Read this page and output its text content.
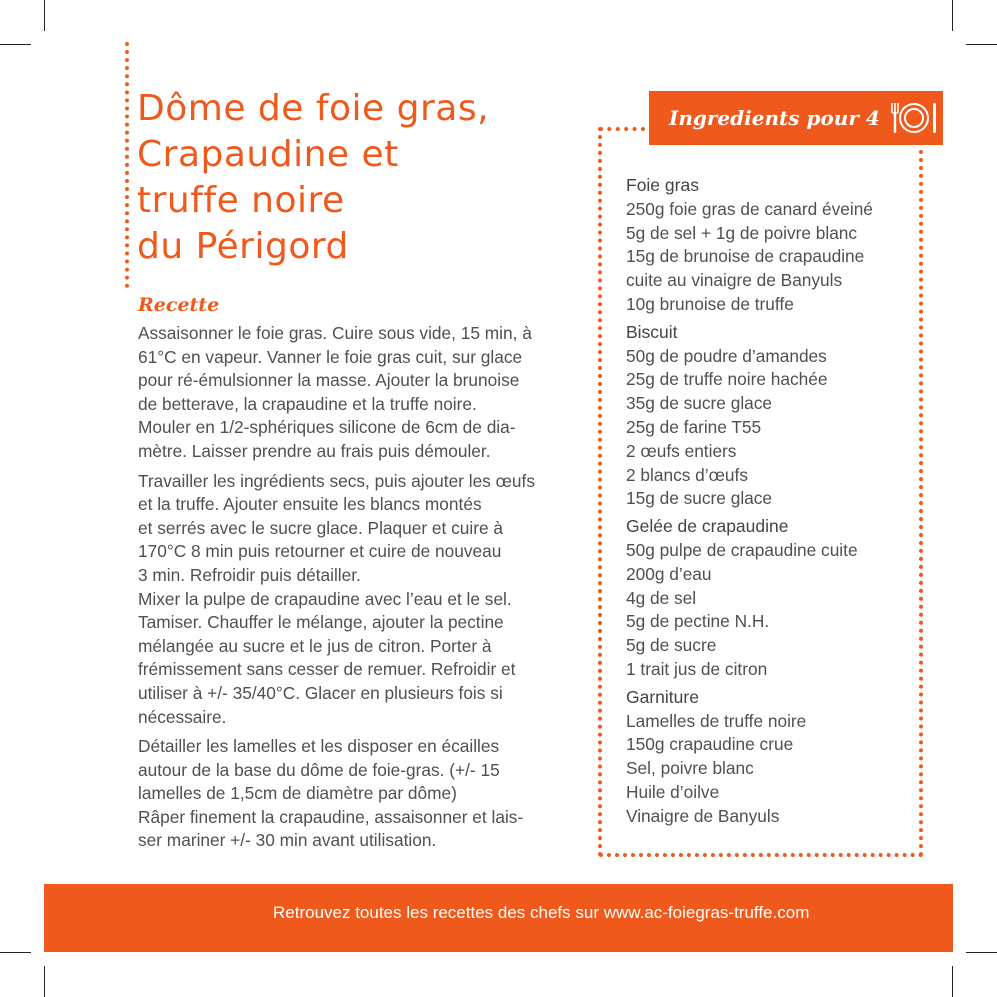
Dôme de foie gras,
Crapaudine et
truffe noire
du Périgord
Recette

Assaisonner le foie gras. Cuire sous vide, 15 min, à
61°C en vapeur. Vanner le foie gras cuit, sur glace
pour ré-émulsionner la masse. Ajouter la brunoise
de betterave, la crapaudine et la truffe noire.
Mouler en 1/2-sphériques silicone de 6cm de dia-
mètre. Laisser prendre au frais puis démouler.

Travailler les ingrédients secs, puis ajouter les œufs
et la truffe. Ajouter ensuite les blancs montés
et serrés avec le sucre glace. Plaquer et cuire à
170°C 8 min puis retourner et cuire de nouveau
3 min. Refroidir puis détailler.
Mixer la pulpe de crapaudine avec l’eau et le sel.
Tamiser. Chauffer le mélange, ajouter la pectine
mélangée au sucre et le jus de citron. Porter à
frémissement sans cesser de remuer. Refroidir et
utiliser à +/- 35/40°C. Glacer en plusieurs fois si
nécessaire.

Détailler les lamelles et les disposer en écailles
autour de la base du dôme de foie-gras. (+/- 15
lamelles de 1,5cm de diamètre par dôme)
Râper finement la crapaudine, assaisonner et lais-
ser mariner +/- 30 min avant utilisation.

Ingredients pour 4
Foie gras
250g foie gras de canard éveiné
5g de sel + 1g de poivre blanc
15g de brunoise de crapaudine
cuite au vinaigre de Banyuls
10g brunoise de truffe
Biscuit
50g de poudre d’amandes
25g de truffe noire hachée
35g de sucre glace
25g de farine T55
2 œufs entiers
2 blancs d’œufs
15g de sucre glace
Gelée de crapaudine
50g pulpe de crapaudine cuite
200g d’eau
4g de sel
5g de pectine N.H.
5g de sucre
1 trait jus de citron
Garniture
Lamelles de truffe noire
150g crapaudine crue
Sel, poivre blanc
Huile d’oilve
Vinaigre de Banyuls
Retrouvez toutes les recettes des chefs sur www.ac-foiegras-truffe.com
